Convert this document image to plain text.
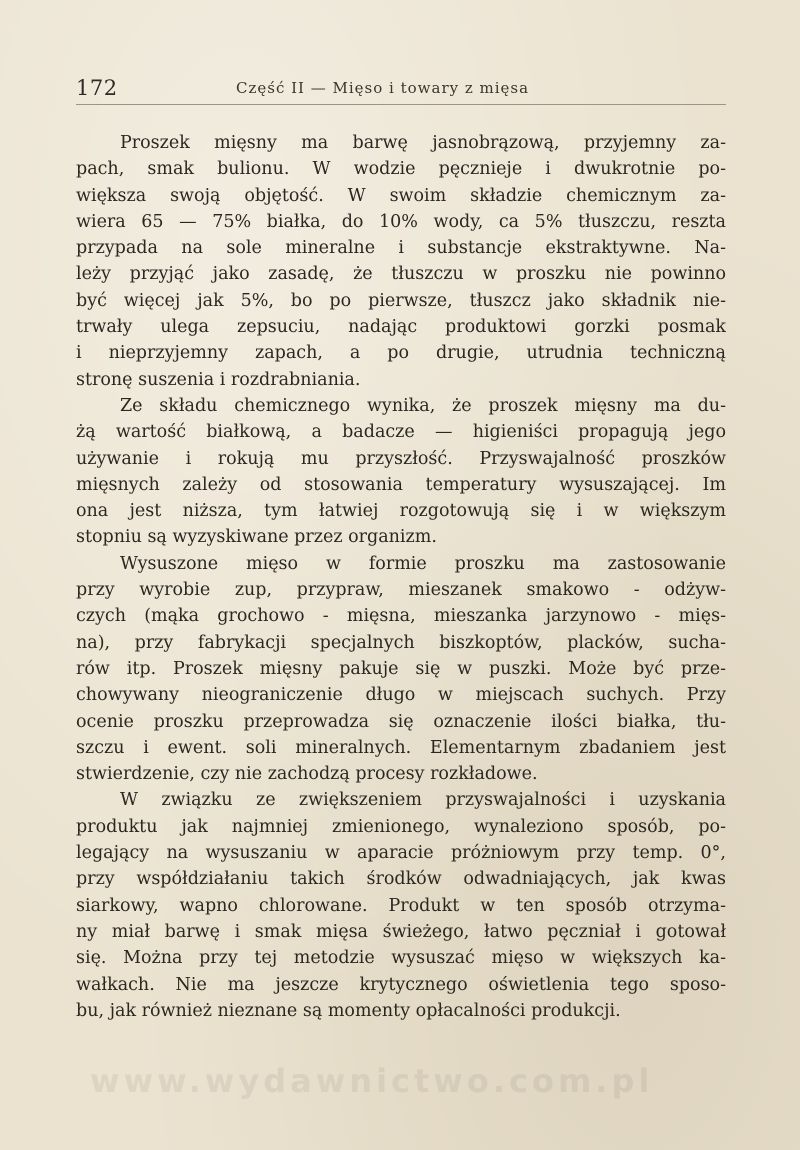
172	Część II — Mięso i towary z mięsa
Proszek mięsny ma barwę jasnobrązową, przyjemny za-
pach, smak bulionu. W wodzie pęcznieje i dwukrotnie po-
większa swoją objętość. W swoim składzie chemicznym za-
wiera 65 — 75% białka, do 10% wody, ca 5% tłuszczu, reszta
przypada na sole mineralne i substancje ekstraktywne. Na-
leży przyjąć jako zasadę, że tłuszczu w proszku nie powinno
być więcej jak 5%, bo po pierwsze, tłuszcz jako składnik nie-
trwały ulega zepsuciu, nadając produktowi gorzki posmak
i nieprzyjemny zapach, a po drugie, utrudnia techniczną
stronę suszenia i rozdrabniania.
Ze składu chemicznego wynika, że proszek mięsny ma du-
żą wartość białkową, a badacze — higieniści propagują jego
używanie i rokują mu przyszłość. Przyswajalność proszków
mięsnych zależy od stosowania temperatury wysuszającej. Im
ona jest niższa, tym łatwiej rozgotowują się i w większym
stopniu są wyzyskiwane przez organizm.
Wysuszone mięso w formie proszku ma zastosowanie
przy wyrobie zup, przypraw, mieszanek smakowo - odżyw-
czych (mąka grochowo - mięsna, mieszanka jarzynowo - mięs-
na), przy fabrykacji specjalnych biszkoptów, placków, sucha-
rów itp. Proszek mięsny pakuje się w puszki. Może być prze-
chowywany nieograniczenie długo w miejscach suchych. Przy
ocenie proszku przeprowadza się oznaczenie ilości białka, tłu-
szczu i ewent. soli mineralnych. Elementarnym zbadaniem jest
stwierdzenie, czy nie zachodzą procesy rozkładowe.
W związku ze zwiększeniem przyswajalności i uzyskania
produktu jak najmniej zmienionego, wynaleziono sposób, po-
legający na wysuszaniu w aparacie próżniowym przy temp. 0°,
przy współdziałaniu takich środków odwadniających, jak kwas
siarkowy, wapno chlorowane. Produkt w ten sposób otrzyma-
ny miał barwę i smak mięsa świeżego, łatwo pęczniał i gotował
się. Można przy tej metodzie wysuszać mięso w większych ka-
wałkach. Nie ma jeszcze krytycznego oświetlenia tego sposo-
bu, jak również nieznane są momenty opłacalności produkcji.
www.wydawnictwo.com.pl
